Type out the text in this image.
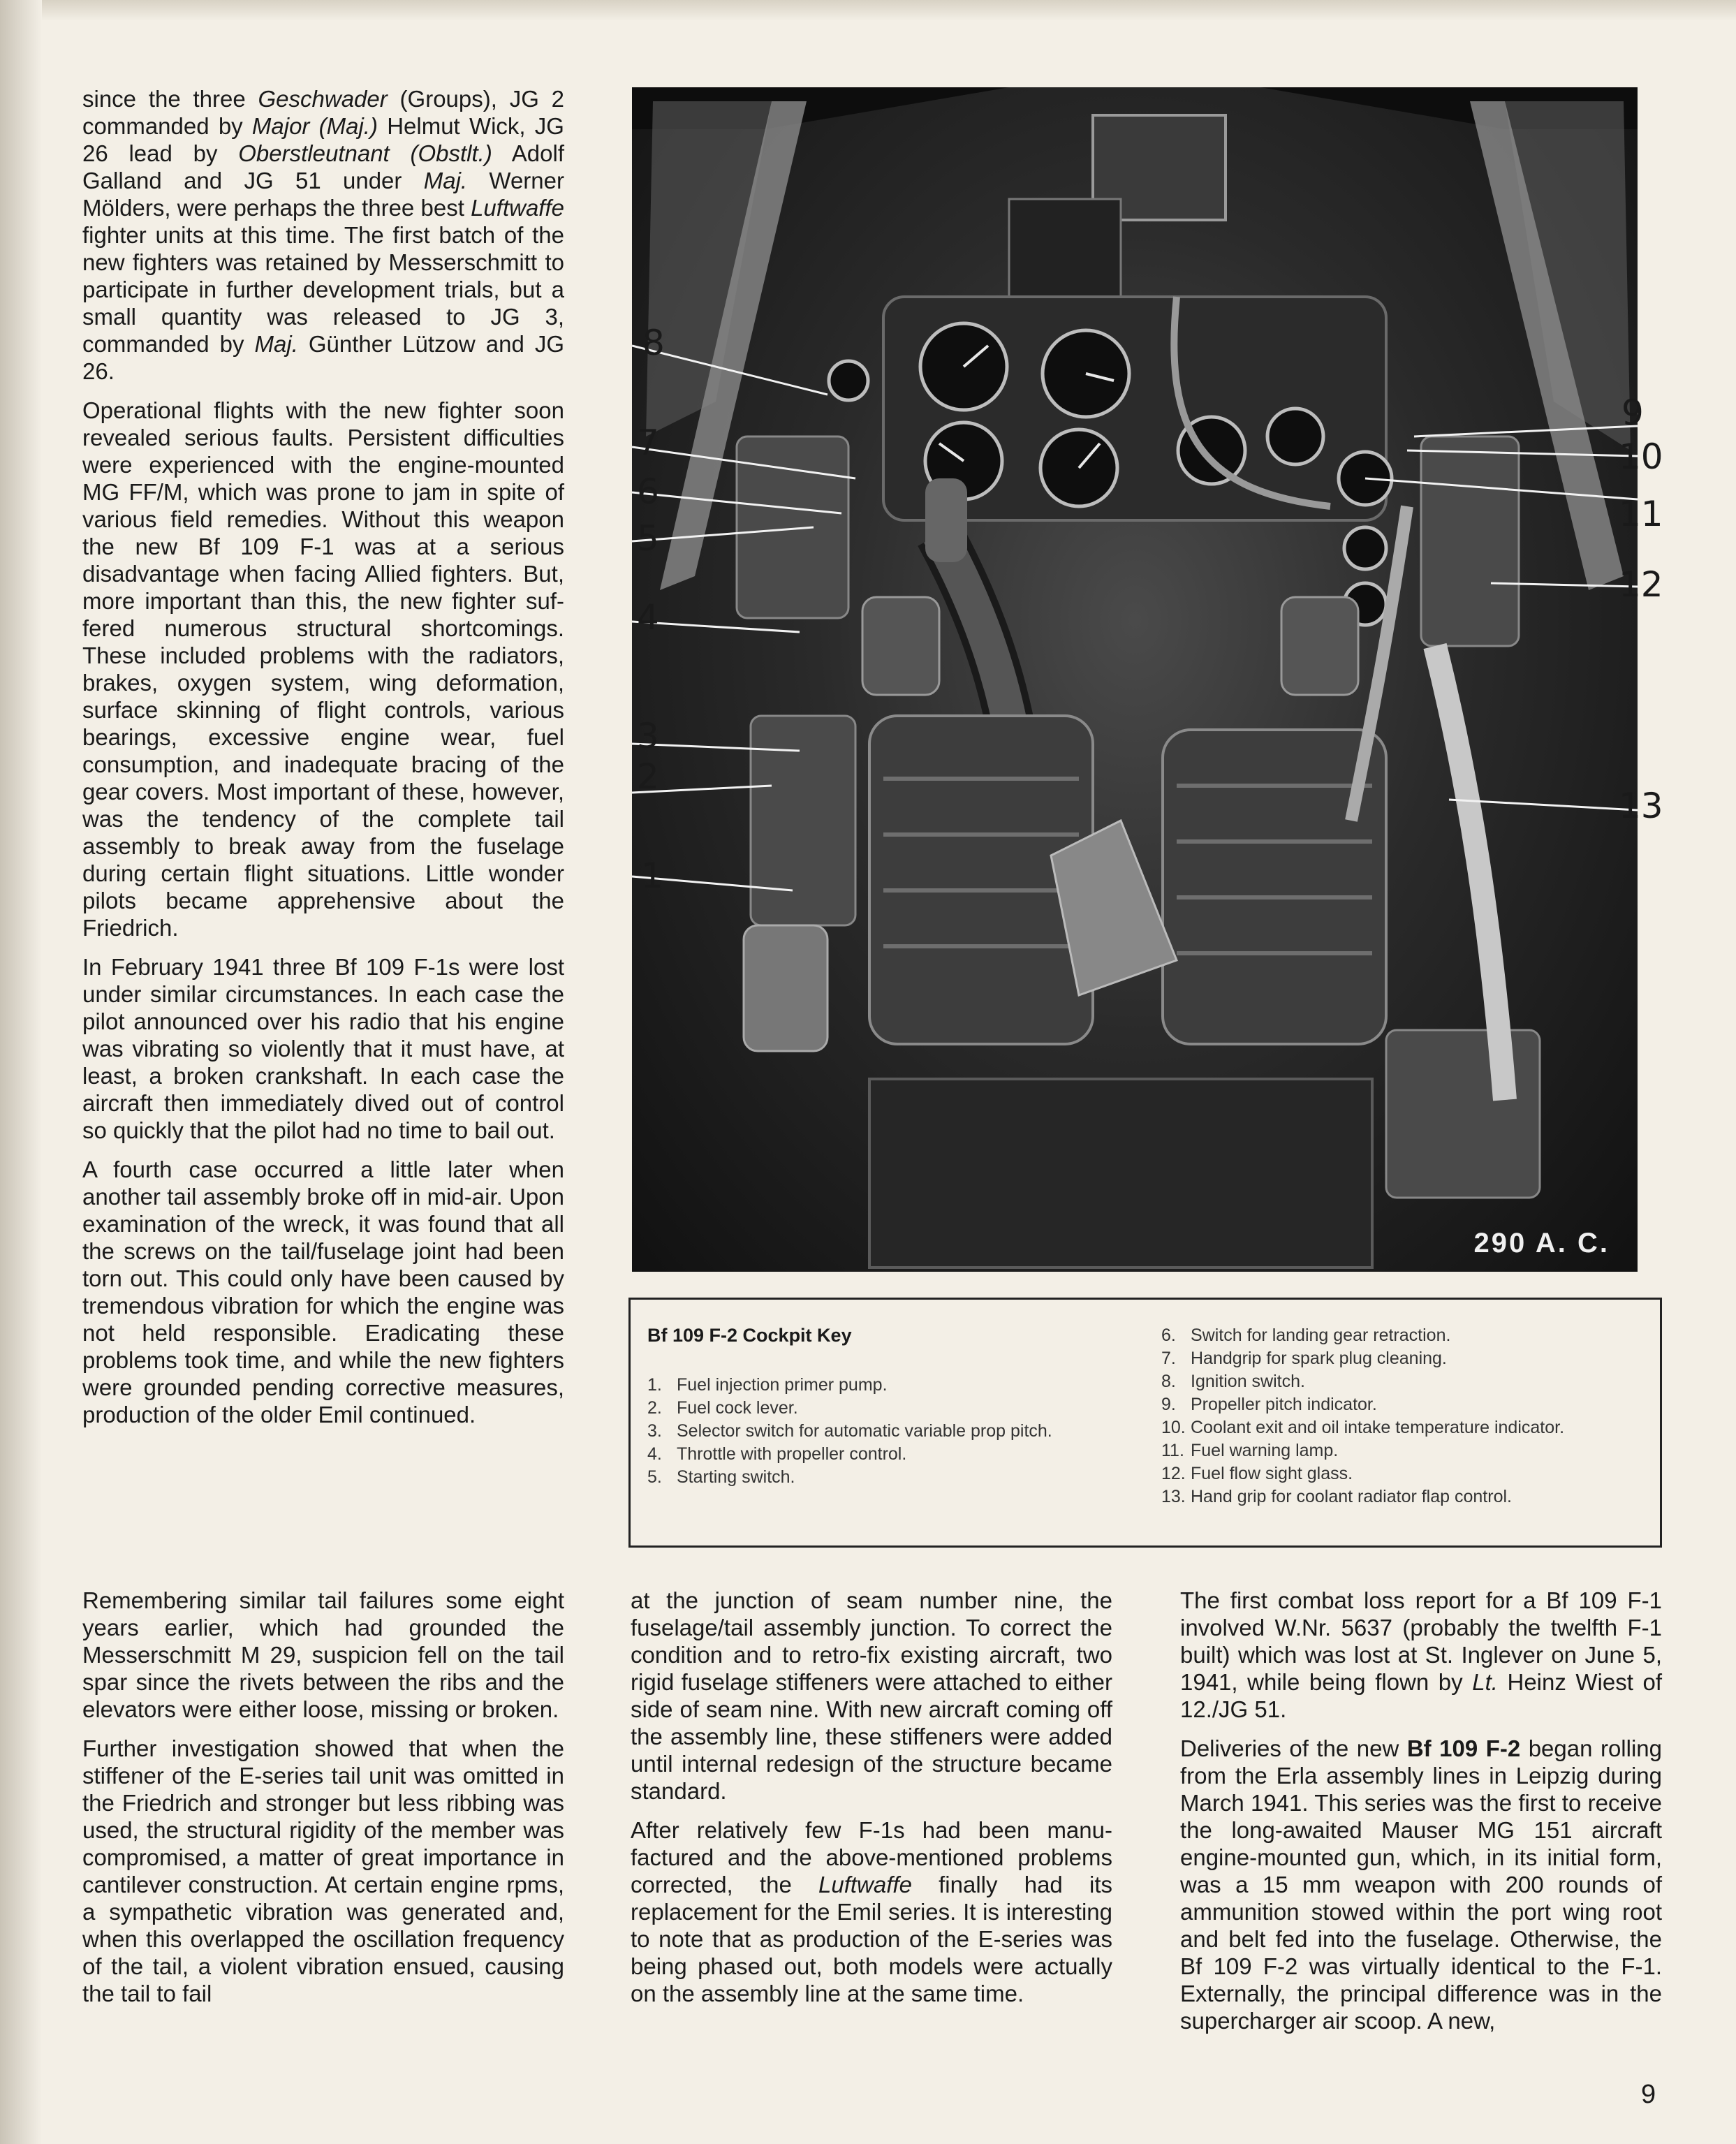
since the three Geschwader (Groups), JG 2 commanded by Major (Maj.) Helmut Wick, JG 26 lead by Oberstleutnant (Obstlt.) Adolf Galland and JG 51 under Maj. Werner Mölders, were perhaps the three best Luftwaffe fighter units at this time. The first batch of the new fighters was retained by Messerschmitt to participate in further development trials, but a small quantity was released to JG 3, commanded by Maj. Günther Lützow and JG 26.

Operational flights with the new fighter soon revealed serious faults. Persistent difficulties were experienced with the engine-mounted MG FF/M, which was prone to jam in spite of various field remedies. Without this weapon the new Bf 109 F-1 was at a serious disadvantage when facing Allied fighters. But, more important than this, the new fighter suffered numerous structural shortcomings. These included problems with the radiators, brakes, oxygen system, wing deformation, surface skinning of flight controls, various bearings, excessive engine wear, fuel consumption, and inadequate bracing of the gear covers. Most important of these, however, was the tendency of the complete tail assembly to break away from the fuselage during certain flight situations. Little wonder pilots became apprehensive about the Friedrich.

In February 1941 three Bf 109 F-1s were lost under similar circumstances. In each case the pilot announced over his radio that his engine was vibrating so violently that it must have, at least, a broken crankshaft. In each case the aircraft then immediately dived out of control so quickly that the pilot had no time to bail out.

A fourth case occurred a little later when another tail assembly broke off in mid-air. Upon examination of the wreck, it was found that all the screws on the tail/fuselage joint had been torn out. This could only have been caused by tremendous vibration for which the engine was not held responsible. Eradicating these problems took time, and while the new fighters were grounded pending corrective measures, production of the older Emil continued.

Remembering similar tail failures some eight years earlier, which had grounded the Messerschmitt M 29, suspicion fell on the tail spar since the rivets between the ribs and the elevators were either loose, missing or broken.

Further investigation showed that when the stiffener of the E-series tail unit was omitted in the Friedrich and stronger but less ribbing was used, the structural rigidity of the member was compromised, a matter of great importance in cantilever construction. At certain engine rpms, a sympathetic vibration was generated and, when this overlapped the oscillation frequency of the tail, a violent vibration ensued, causing the tail to fail

290 A. C.
8
7
6
5
4
3
2
1
9
10
11
12
13
Bf 109 F-2 Cockpit Key
1. Fuel injection primer pump.
2. Fuel cock lever.
3. Selector switch for automatic variable prop pitch.
4. Throttle with propeller control.
5. Starting switch.
6. Switch for landing gear retraction.
7. Handgrip for spark plug cleaning.
8. Ignition switch.
9. Propeller pitch indicator.
10. Coolant exit and oil intake temperature indicator.
11. Fuel warning lamp.
12. Fuel flow sight glass.
13. Hand grip for coolant radiator flap control.

at the junction of seam number nine, the fuselage/tail assembly junction. To correct the condition and to retro-fix existing aircraft, two rigid fuselage stiffeners were attached to either side of seam nine. With new aircraft coming off the assembly line, these stiffeners were added until internal redesign of the structure became standard.

After relatively few F-1s had been manufactured and the above-mentioned problems corrected, the Luftwaffe finally had its replacement for the Emil series. It is interesting to note that as production of the E-series was being phased out, both models were actually on the assembly line at the same time.

The first combat loss report for a Bf 109 F-1 involved W.Nr. 5637 (probably the twelfth F-1 built) which was lost at St. Inglever on June 5, 1941, while being flown by Lt. Heinz Wiest of 12./JG 51.

Deliveries of the new Bf 109 F-2 began rolling from the Erla assembly lines in Leipzig during March 1941. This series was the first to receive the long-awaited Mauser MG 151 aircraft engine-mounted gun, which, in its initial form, was a 15 mm weapon with 200 rounds of ammunition stowed within the port wing root and belt fed into the fuselage. Otherwise, the Bf 109 F-2 was virtually identical to the F-1. Externally, the principal difference was in the supercharger air scoop. A new,

9
